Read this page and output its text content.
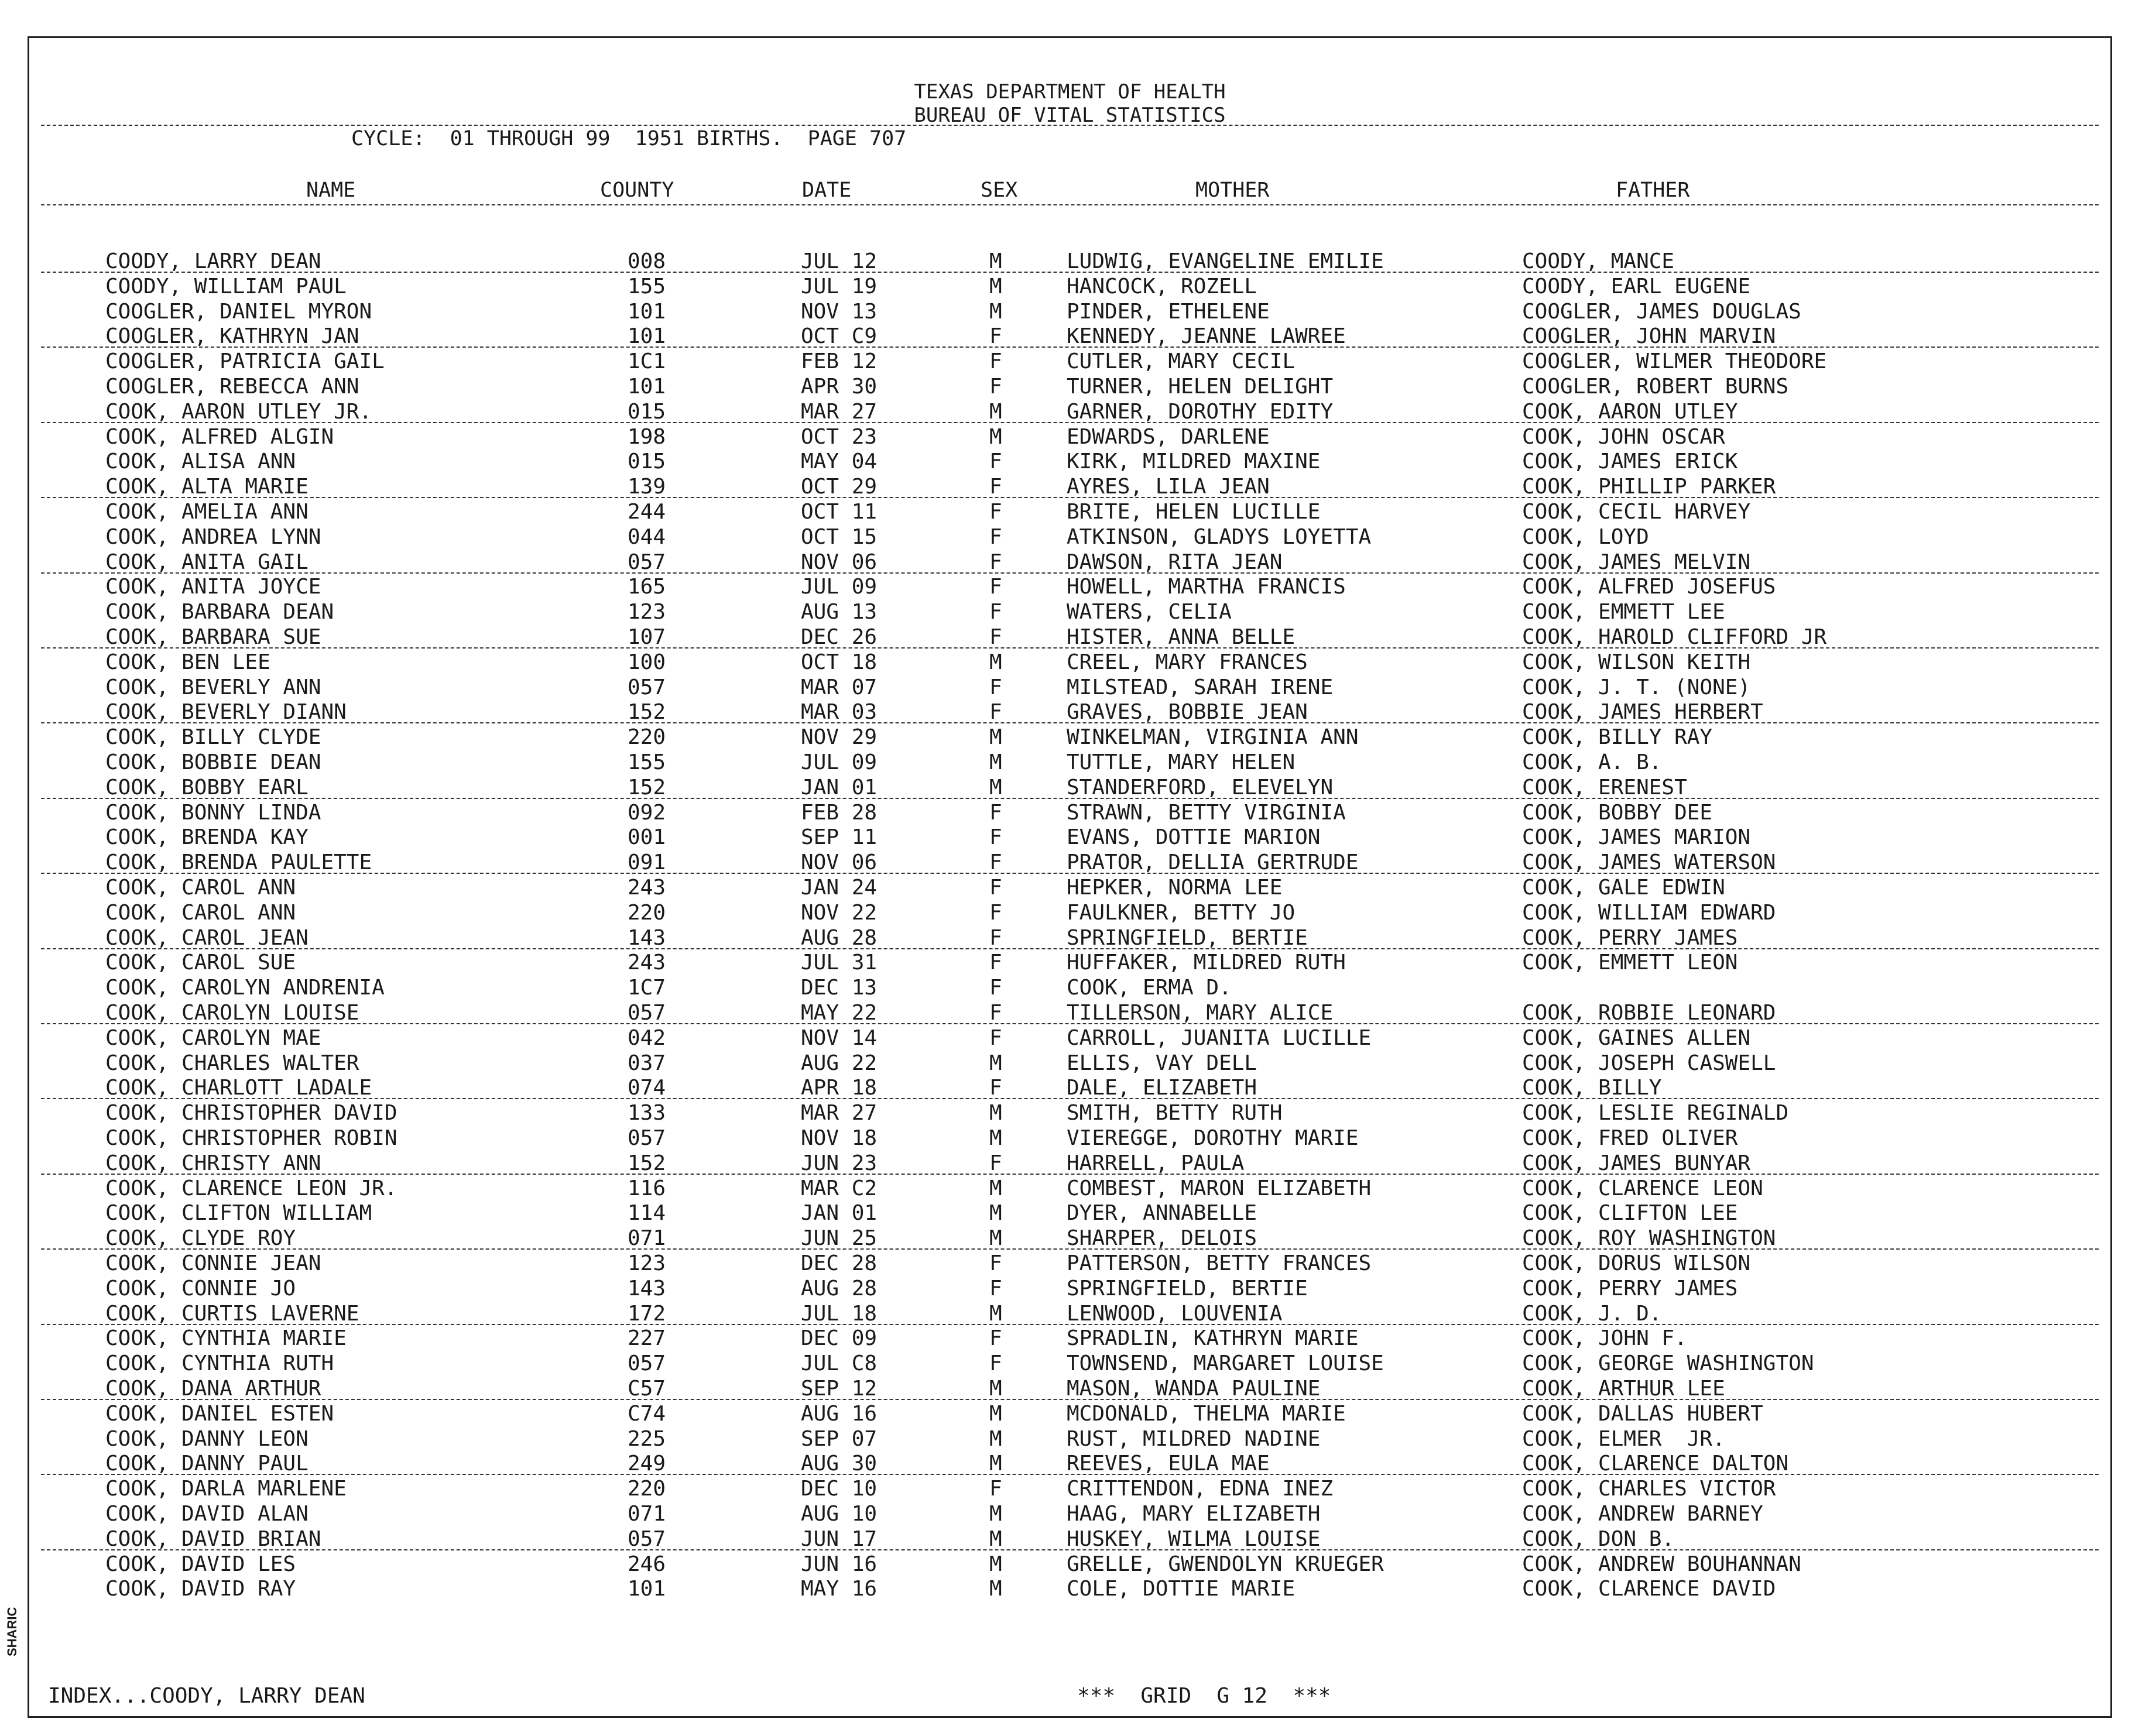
TEXAS DEPARTMENT OF HEALTH
BUREAU OF VITAL STATISTICS
CYCLE:  01 THROUGH 99  1951 BIRTHS.  PAGE 707
NAME	COUNTY	DATE	SEX	MOTHER	FATHER
COODY, LARRY DEAN	008	JUL 12	M	LUDWIG, EVANGELINE EMILIE	COODY, MANCE
COODY, WILLIAM PAUL	155	JUL 19	M	HANCOCK, ROZELL	COODY, EARL EUGENE
COOGLER, DANIEL MYRON	101	NOV 13	M	PINDER, ETHELENE	COOGLER, JAMES DOUGLAS
COOGLER, KATHRYN JAN	101	OCT C9	F	KENNEDY, JEANNE LAWREE	COOGLER, JOHN MARVIN
COOGLER, PATRICIA GAIL	1C1	FEB 12	F	CUTLER, MARY CECIL	COOGLER, WILMER THEODORE
COOGLER, REBECCA ANN	101	APR 30	F	TURNER, HELEN DELIGHT	COOGLER, ROBERT BURNS
COOK, AARON UTLEY JR.	015	MAR 27	M	GARNER, DOROTHY EDITY	COOK, AARON UTLEY
COOK, ALFRED ALGIN	198	OCT 23	M	EDWARDS, DARLENE	COOK, JOHN OSCAR
COOK, ALISA ANN	015	MAY 04	F	KIRK, MILDRED MAXINE	COOK, JAMES ERICK
COOK, ALTA MARIE	139	OCT 29	F	AYRES, LILA JEAN	COOK, PHILLIP PARKER
COOK, AMELIA ANN	244	OCT 11	F	BRITE, HELEN LUCILLE	COOK, CECIL HARVEY
COOK, ANDREA LYNN	044	OCT 15	F	ATKINSON, GLADYS LOYETTA	COOK, LOYD
COOK, ANITA GAIL	057	NOV 06	F	DAWSON, RITA JEAN	COOK, JAMES MELVIN
COOK, ANITA JOYCE	165	JUL 09	F	HOWELL, MARTHA FRANCIS	COOK, ALFRED JOSEFUS
COOK, BARBARA DEAN	123	AUG 13	F	WATERS, CELIA	COOK, EMMETT LEE
COOK, BARBARA SUE	107	DEC 26	F	HISTER, ANNA BELLE	COOK, HAROLD CLIFFORD JR
COOK, BEN LEE	100	OCT 18	M	CREEL, MARY FRANCES	COOK, WILSON KEITH
COOK, BEVERLY ANN	057	MAR 07	F	MILSTEAD, SARAH IRENE	COOK, J. T. (NONE)
COOK, BEVERLY DIANN	152	MAR 03	F	GRAVES, BOBBIE JEAN	COOK, JAMES HERBERT
COOK, BILLY CLYDE	220	NOV 29	M	WINKELMAN, VIRGINIA ANN	COOK, BILLY RAY
COOK, BOBBIE DEAN	155	JUL 09	M	TUTTLE, MARY HELEN	COOK, A. B.
COOK, BOBBY EARL	152	JAN 01	M	STANDERFORD, ELEVELYN	COOK, ERENEST
COOK, BONNY LINDA	092	FEB 28	F	STRAWN, BETTY VIRGINIA	COOK, BOBBY DEE
COOK, BRENDA KAY	001	SEP 11	F	EVANS, DOTTIE MARION	COOK, JAMES MARION
COOK, BRENDA PAULETTE	091	NOV 06	F	PRATOR, DELLIA GERTRUDE	COOK, JAMES WATERSON
COOK, CAROL ANN	243	JAN 24	F	HEPKER, NORMA LEE	COOK, GALE EDWIN
COOK, CAROL ANN	220	NOV 22	F	FAULKNER, BETTY JO	COOK, WILLIAM EDWARD
COOK, CAROL JEAN	143	AUG 28	F	SPRINGFIELD, BERTIE	COOK, PERRY JAMES
COOK, CAROL SUE	243	JUL 31	F	HUFFAKER, MILDRED RUTH	COOK, EMMETT LEON
COOK, CAROLYN ANDRENIA	1C7	DEC 13	F	COOK, ERMA D.
COOK, CAROLYN LOUISE	057	MAY 22	F	TILLERSON, MARY ALICE	COOK, ROBBIE LEONARD
COOK, CAROLYN MAE	042	NOV 14	F	CARROLL, JUANITA LUCILLE	COOK, GAINES ALLEN
COOK, CHARLES WALTER	037	AUG 22	M	ELLIS, VAY DELL	COOK, JOSEPH CASWELL
COOK, CHARLOTT LADALE	074	APR 18	F	DALE, ELIZABETH	COOK, BILLY
COOK, CHRISTOPHER DAVID	133	MAR 27	M	SMITH, BETTY RUTH	COOK, LESLIE REGINALD
COOK, CHRISTOPHER ROBIN	057	NOV 18	M	VIEREGGE, DOROTHY MARIE	COOK, FRED OLIVER
COOK, CHRISTY ANN	152	JUN 23	F	HARRELL, PAULA	COOK, JAMES BUNYAR
COOK, CLARENCE LEON JR.	116	MAR C2	M	COMBEST, MARON ELIZABETH	COOK, CLARENCE LEON
COOK, CLIFTON WILLIAM	114	JAN 01	M	DYER, ANNABELLE	COOK, CLIFTON LEE
COOK, CLYDE ROY	071	JUN 25	M	SHARPER, DELOIS	COOK, ROY WASHINGTON
COOK, CONNIE JEAN	123	DEC 28	F	PATTERSON, BETTY FRANCES	COOK, DORUS WILSON
COOK, CONNIE JO	143	AUG 28	F	SPRINGFIELD, BERTIE	COOK, PERRY JAMES
COOK, CURTIS LAVERNE	172	JUL 18	M	LENWOOD, LOUVENIA	COOK, J. D.
COOK, CYNTHIA MARIE	227	DEC 09	F	SPRADLIN, KATHRYN MARIE	COOK, JOHN F.
COOK, CYNTHIA RUTH	057	JUL C8	F	TOWNSEND, MARGARET LOUISE	COOK, GEORGE WASHINGTON
COOK, DANA ARTHUR	C57	SEP 12	M	MASON, WANDA PAULINE	COOK, ARTHUR LEE
COOK, DANIEL ESTEN	C74	AUG 16	M	MCDONALD, THELMA MARIE	COOK, DALLAS HUBERT
COOK, DANNY LEON	225	SEP 07	M	RUST, MILDRED NADINE	COOK, ELMER  JR.
COOK, DANNY PAUL	249	AUG 30	M	REEVES, EULA MAE	COOK, CLARENCE DALTON
COOK, DARLA MARLENE	220	DEC 10	F	CRITTENDON, EDNA INEZ	COOK, CHARLES VICTOR
COOK, DAVID ALAN	071	AUG 10	M	HAAG, MARY ELIZABETH	COOK, ANDREW BARNEY
COOK, DAVID BRIAN	057	JUN 17	M	HUSKEY, WILMA LOUISE	COOK, DON B.
COOK, DAVID LES	246	JUN 16	M	GRELLE, GWENDOLYN KRUEGER	COOK, ANDREW BOUHANNAN
COOK, DAVID RAY	101	MAY 16	M	COLE, DOTTIE MARIE	COOK, CLARENCE DAVID
INDEX...COODY, LARRY DEAN	***  GRID  G 12  ***
SHARIC
